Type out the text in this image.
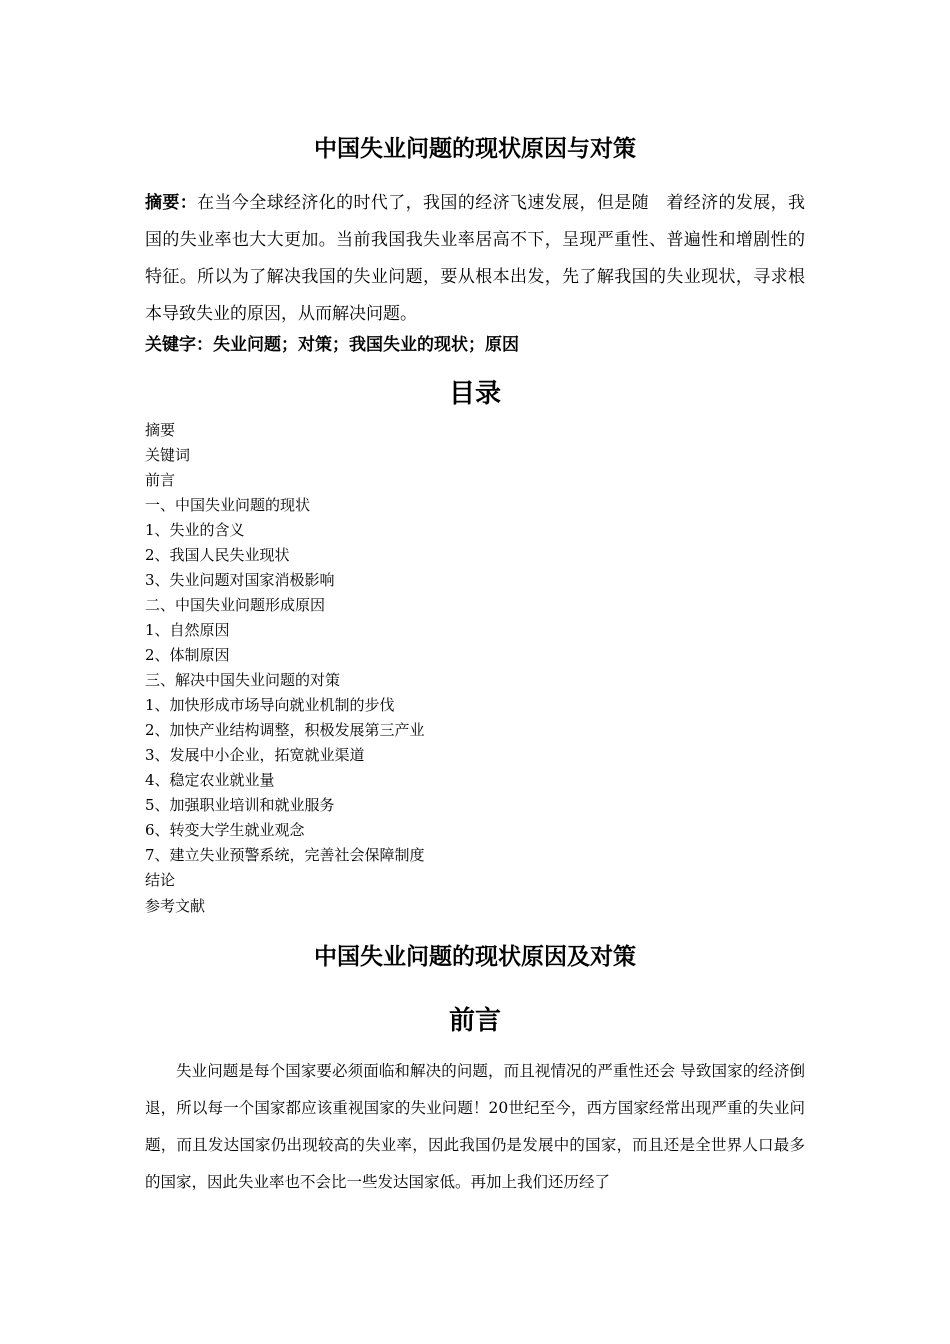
中国失业问题的现状原因与对策

摘要：在当今全球经济化的时代了，我国的经济飞速发展，但是随　着经济的发展，我国的失业率也大大更加。当前我国我失业率居高不下，呈现严重性、普遍性和增剧性的特征。所以为了解决我国的失业问题，要从根本出发，先了解我国的失业现状，寻求根本导致失业的原因，从而解决问题。

关键字：失业问题；对策；我国失业的现状；原因

目录
摘要
关键词
前言
一、中国失业问题的现状
1、失业的含义
2、我国人民失业现状
3、失业问题对国家消极影响
二、中国失业问题形成原因
1、自然原因
2、体制原因
三、解决中国失业问题的对策
1、加快形成市场导向就业机制的步伐
2、加快产业结构调整，积极发展第三产业
3、发展中小企业，拓宽就业渠道
4、稳定农业就业量
5、加强职业培训和就业服务
6、转变大学生就业观念
7、建立失业预警系统，完善社会保障制度
结论
参考文献
中国失业问题的现状原因及对策
前言

失业问题是每个国家要必须面临和解决的问题，而且视情况的严重性还会 导致国家的经济倒退，所以每一个国家都应该重视国家的失业问题！20世纪至今，西方国家经常出现严重的失业问题，而且发达国家仍出现较高的失业率，因此我国仍是发展中的国家，而且还是全世界人口最多的国家，因此失业率也不会比一些发达国家低。再加上我们还历经了
